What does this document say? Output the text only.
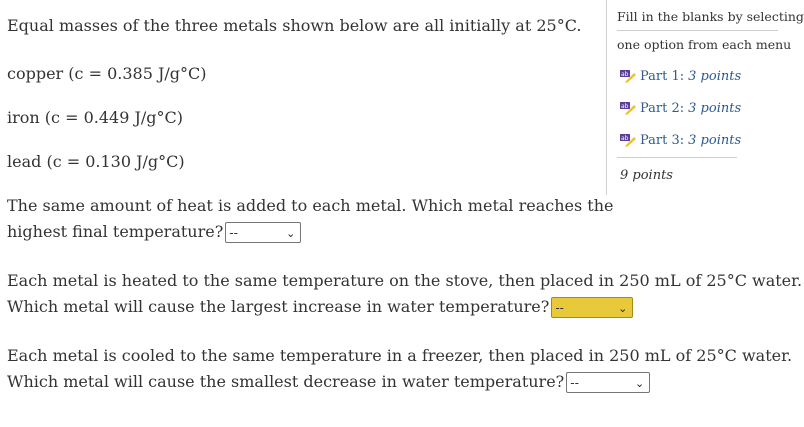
Equal masses of the three metals shown below are all initially at 25°C.
copper (c = 0.385 J/g°C)
iron (c = 0.449 J/g°C)
lead (c = 0.130 J/g°C)
The same amount of heat is added to each metal. Which metal reaches the
highest final temperature? --	⌄
Each metal is heated to the same temperature on the stove, then placed in 250 mL of 25°C water.
Which metal will cause the largest increase in water temperature? --	⌄
Each metal is cooled to the same temperature in a freezer, then placed in 250 mL of 25°C water.
Which metal will cause the smallest decrease in water temperature? --	⌄
Fill in the blanks by selecting
one option from each menu
ab Part 1: 3 points
ab Part 2: 3 points
ab Part 3: 3 points
9 points
